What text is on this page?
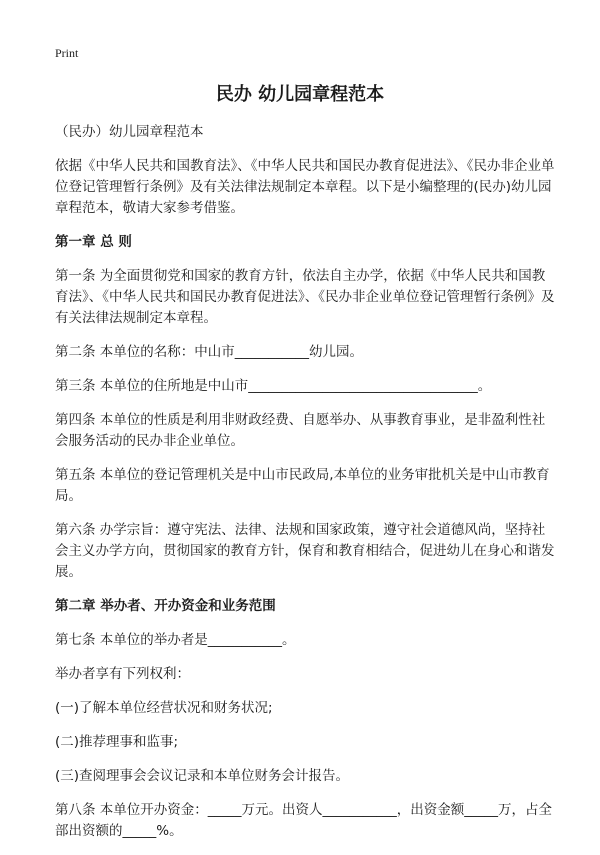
Print
民办 幼儿园章程范本

（民办）幼儿园章程范本

依据《中华人民共和国教育法》、《中华人民共和国民办教育促进法》、《民办非企业单位登记管理暂行条例》及有关法律法规制定本章程。以下是小编整理的(民办)幼儿园章程范本，敬请大家参考借鉴。

第一章 总 则

第一条 为全面贯彻党和国家的教育方针，依法自主办学，依据《中华人民共和国教育法》、《中华人民共和国民办教育促进法》、《民办非企业单位登记管理暂行条例》及有关法律法规制定本章程。

第二条 本单位的名称：中山市___________幼儿园。

第三条 本单位的住所地是中山市__________________________________。

第四条 本单位的性质是利用非财政经费、自愿举办、从事教育事业，是非盈利性社会服务活动的民办非企业单位。

第五条 本单位的登记管理机关是中山市民政局,本单位的业务审批机关是中山市教育局。

第六条 办学宗旨：遵守宪法、法律、法规和国家政策，遵守社会道德风尚，坚持社会主义办学方向，贯彻国家的教育方针，保育和教育相结合，促进幼儿在身心和谐发展。

第二章 举办者、开办资金和业务范围

第七条 本单位的举办者是___________。

举办者享有下列权利：

(一)了解本单位经营状况和财务状况;

(二)推荐理事和监事;

(三)查阅理事会会议记录和本单位财务会计报告。

第八条 本单位开办资金：_____万元。出资人___________，出资金额_____万，占全部出资额的_____%。
